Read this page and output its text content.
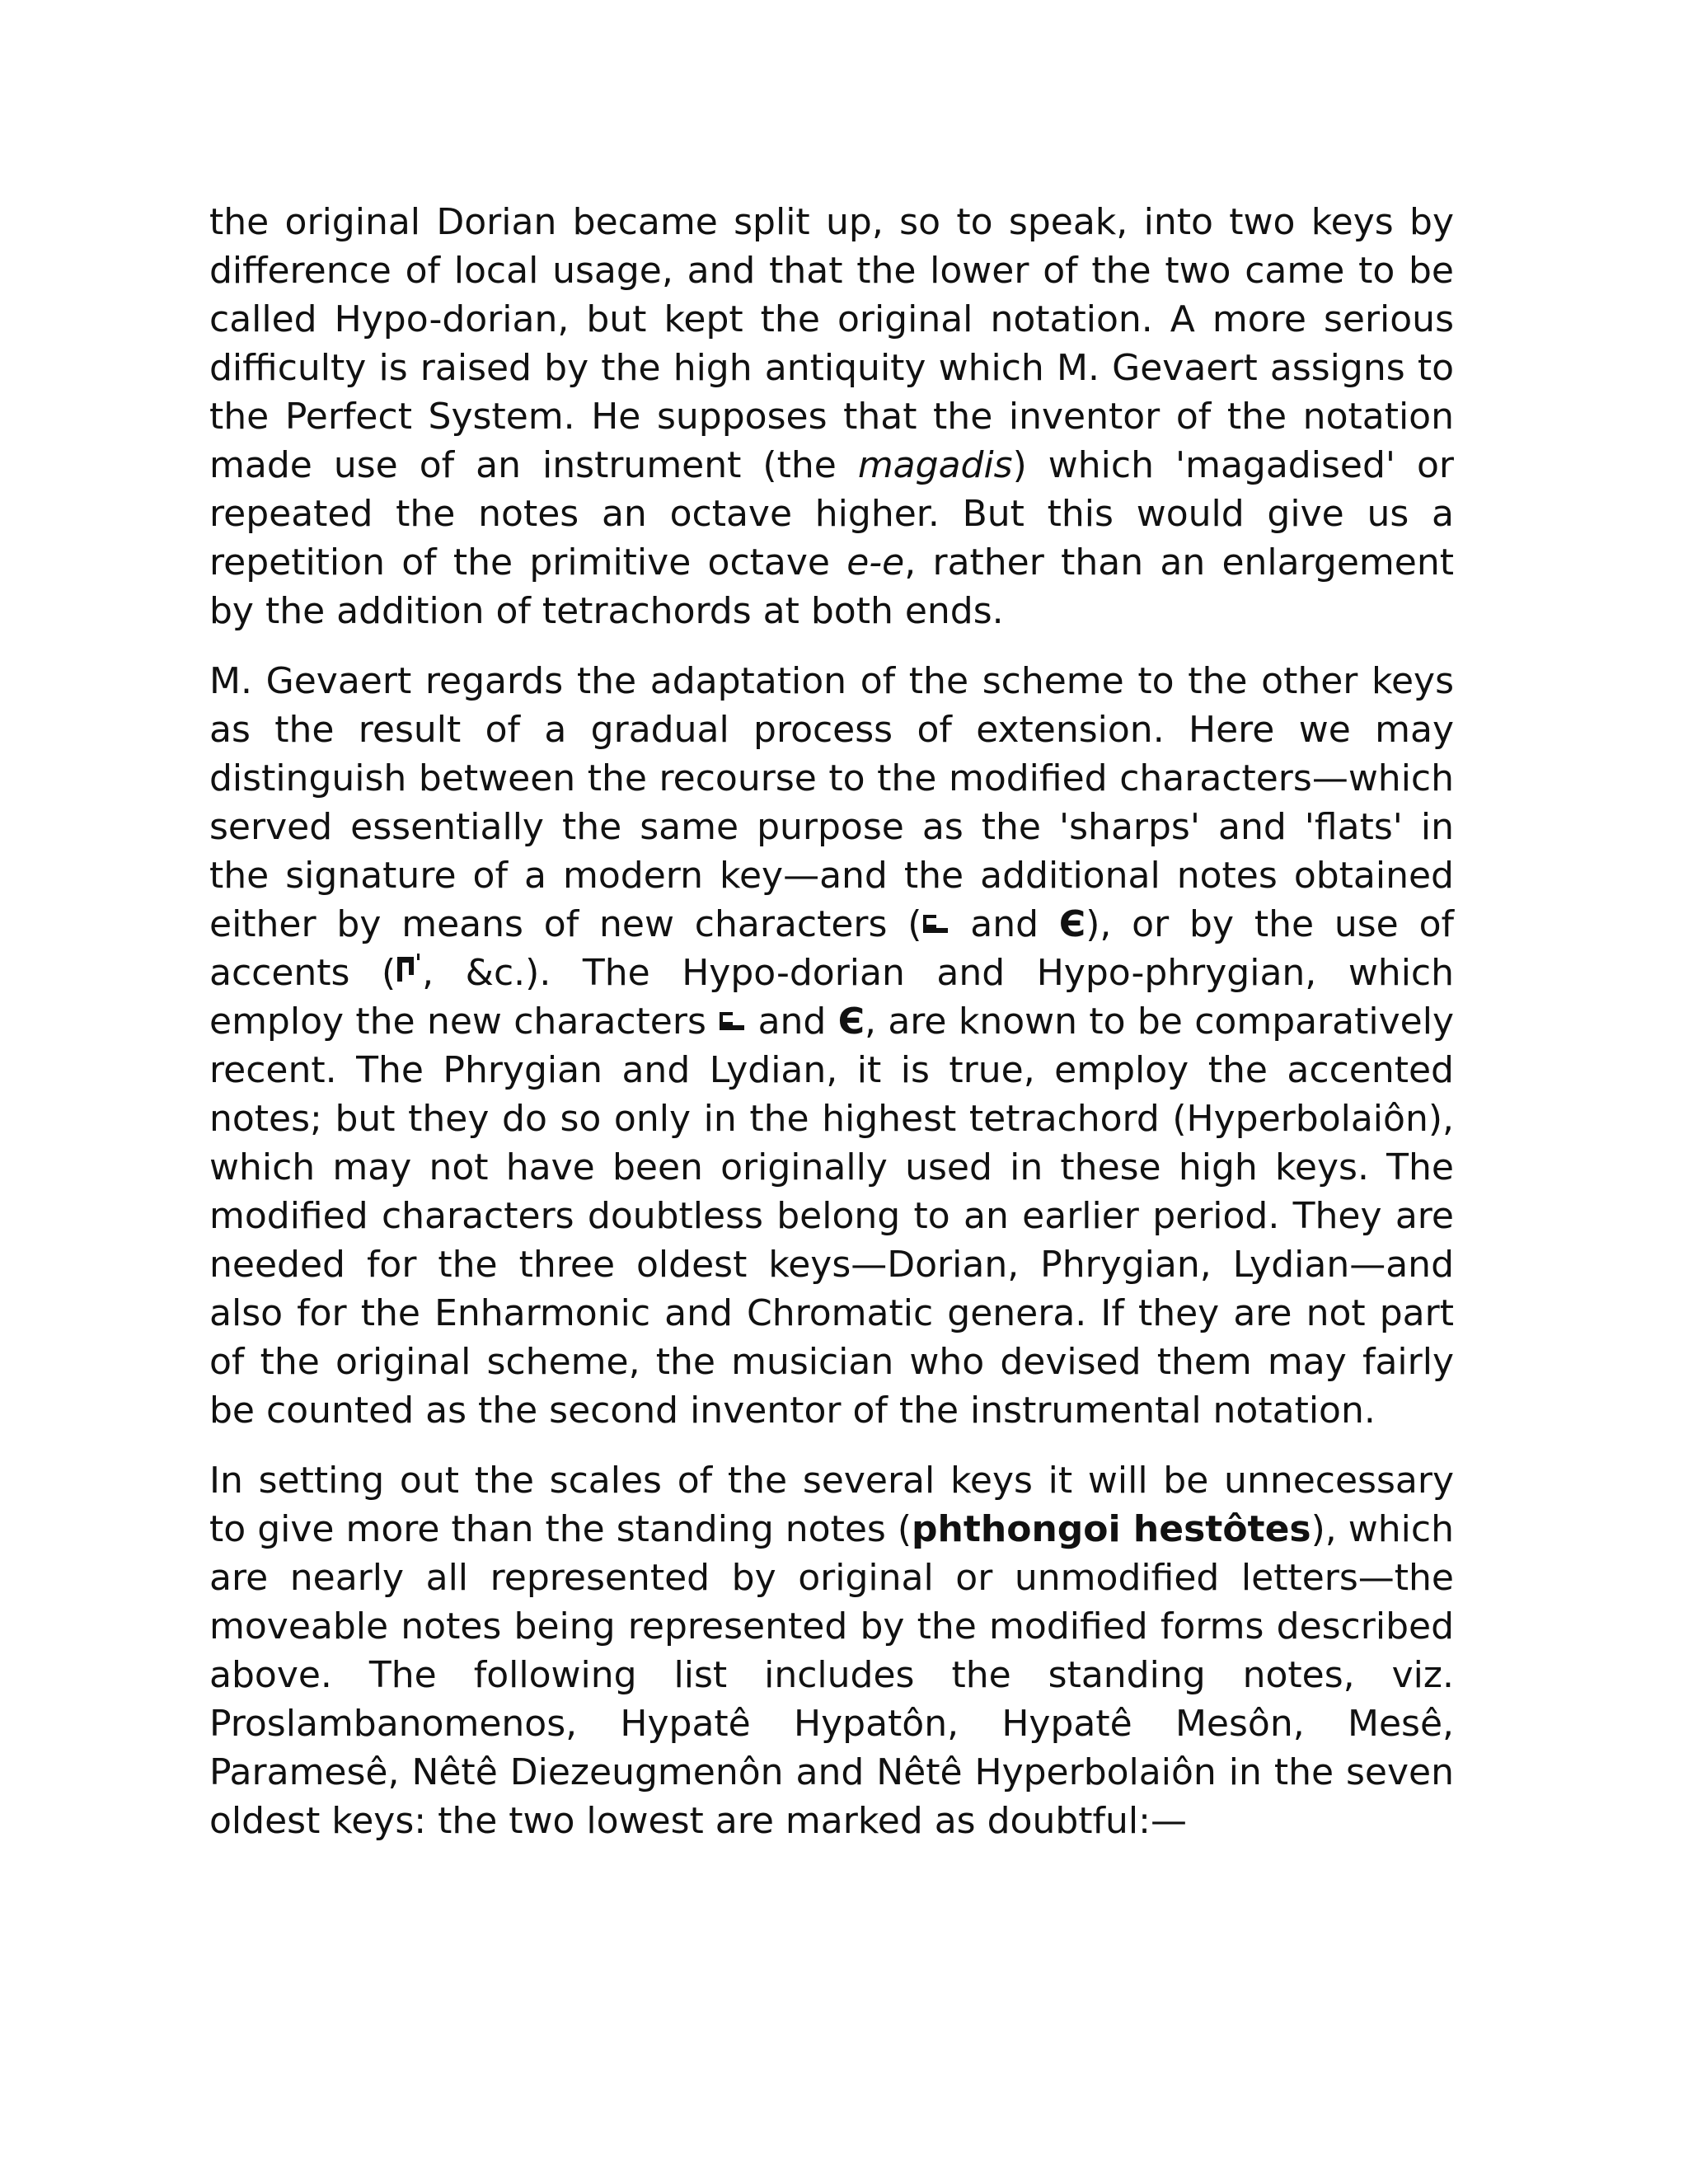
the original Dorian became split up, so to speak, into two keys by difference of local usage, and that the lower of the two came to be called Hypo-dorian, but kept the original notation. A more serious difficulty is raised by the high antiquity which M. Gevaert assigns to the Perfect System. He supposes that the inventor of the notation made use of an instrument (the magadis) which 'magadised' or repeated the notes an octave higher. But this would give us a repetition of the primitive octave e-e, rather than an enlargement by the addition of tetrachords at both ends.

M. Gevaert regards the adaptation of the scheme to the other keys as the result of a gradual process of extension. Here we may distinguish between the recourse to the modified characters—which served essentially the same purpose as the 'sharps' and 'flats' in the signature of a modern key—and the additional notes obtained either by means of new characters (
and Є), or by the use of accents ( , &c.). The Hypo-dorian and Hypo-phrygian, which employ the new characters
and Є, are known to be comparatively recent. The Phrygian and Lydian, it is true, employ the accented notes; but they do so only in the highest tetrachord (Hyperbolaiôn), which may not have been originally used in these high keys. The modified characters doubtless belong to an earlier period. They are needed for the three oldest keys—Dorian, Phrygian, Lydian—and also for the Enharmonic and Chromatic genera. If they are not part of the original scheme, the musician who devised them may fairly be counted as the second inventor of the instrumental notation.

In setting out the scales of the several keys it will be unnecessary to give more than the standing notes (phthongoi hestôtes), which are nearly all represented by original or unmodified letters—the moveable notes being represented by the modified forms described above. The following list includes the standing notes, viz. Proslambanomenos, Hypatê Hypatôn, Hypatê Mesôn, Mesê, Paramesê, Nêtê Diezeugmenôn and Nêtê Hyperbolaiôn in the seven oldest keys: the two lowest are marked as doubtful:—
